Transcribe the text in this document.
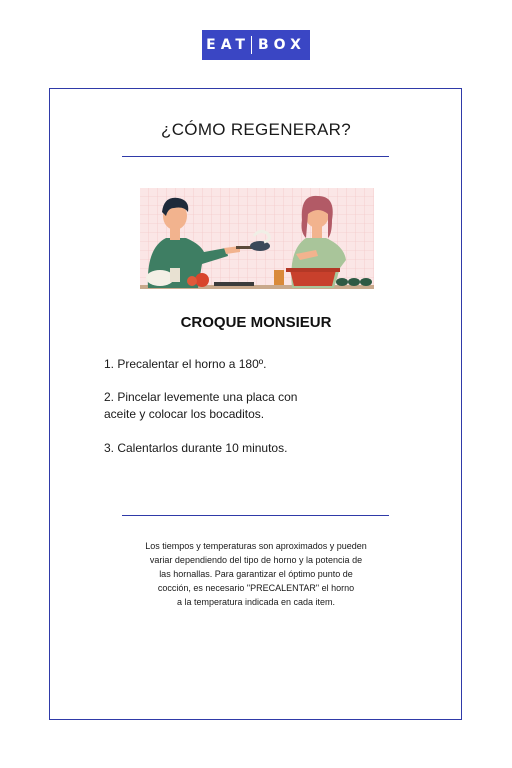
EAT BOX
¿CÓMO REGENERAR?
CROQUE MONSIEUR
1. Precalentar el horno a 180º.
2. Pincelar levemente una placa con
aceite y colocar los bocaditos.
3. Calentarlos durante 10 minutos.
Los tiempos y temperaturas son aproximados y pueden
variar dependiendo del tipo de horno y la potencia de
las hornallas. Para garantizar el óptimo punto de
cocción, es necesario "PRECALENTAR" el horno
a la temperatura indicada en cada item.
